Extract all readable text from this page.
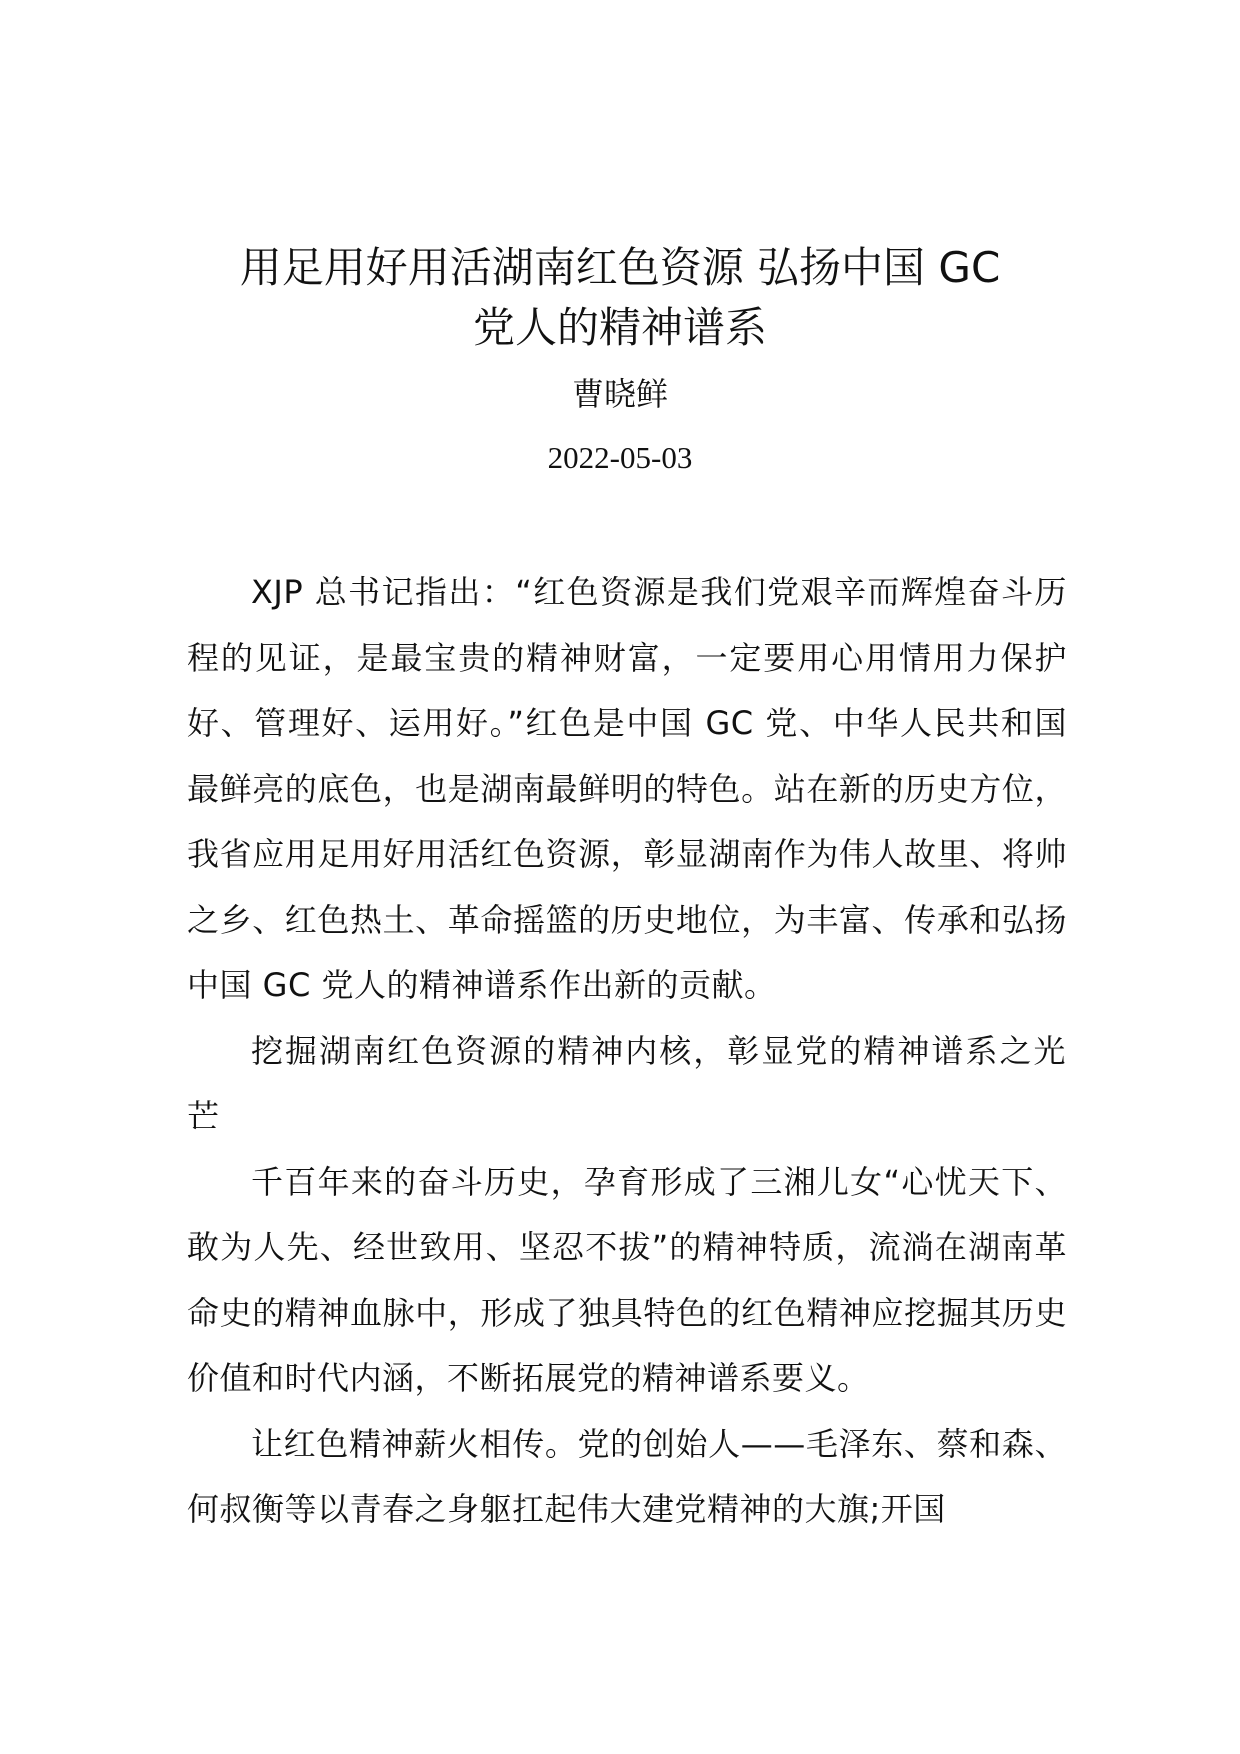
用足用好用活湖南红色资源 弘扬中国 GC
党人的精神谱系
曹晓鲜
2022-05-03

XJP 总书记指出：“红色资源是我们党艰辛而辉煌奋斗历程的见证，是最宝贵的精神财富，一定要用心用情用力保护好、管理好、运用好。”红色是中国 GC 党、中华人民共和国最鲜亮的底色，也是湖南最鲜明的特色。站在新的历史方位，我省应用足用好用活红色资源，彰显湖南作为伟人故里、将帅之乡、红色热土、革命摇篮的历史地位，为丰富、传承和弘扬中国 GC 党人的精神谱系作出新的贡献。

挖掘湖南红色资源的精神内核，彰显党的精神谱系之光芒

千百年来的奋斗历史，孕育形成了三湘儿女“心忧天下、敢为人先、经世致用、坚忍不拔”的精神特质，流淌在湖南革命史的精神血脉中，形成了独具特色的红色精神应挖掘其历史价值和时代内涵，不断拓展党的精神谱系要义。

让红色精神薪火相传。党的创始人——毛泽东、蔡和森、何叔衡等以青春之身躯扛起伟大建党精神的大旗;开国
